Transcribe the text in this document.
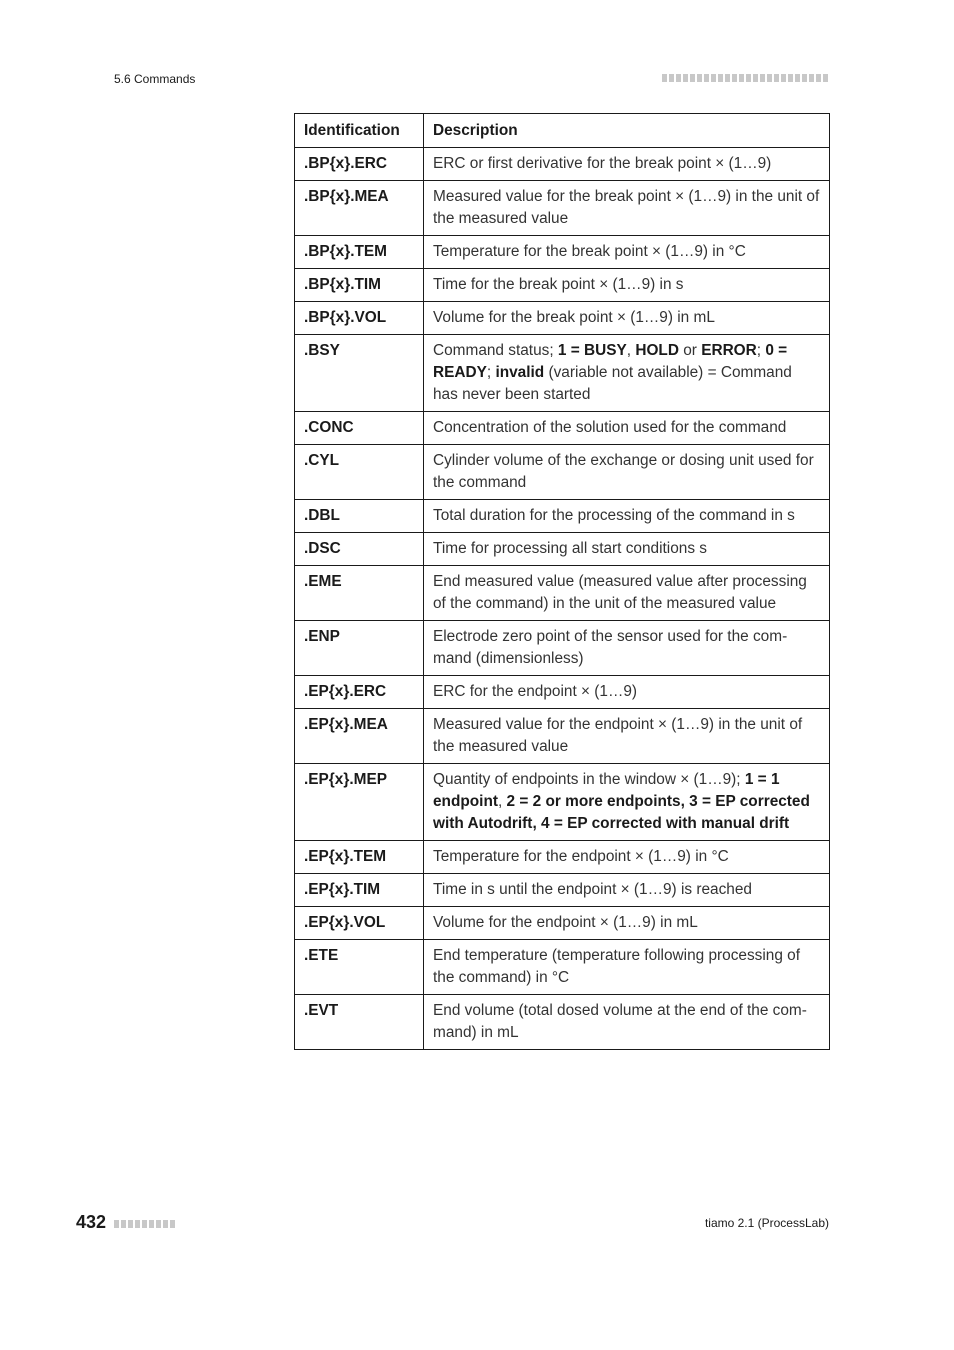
5.6 Commands
Identification	Description
.BP{x}.ERC	ERC or first derivative for the break point × (1…9)
.BP{x}.MEA	Measured value for the break point × (1…9) in the unit of the measured value
.BP{x}.TEM	Temperature for the break point × (1…9) in °C
.BP{x}.TIM	Time for the break point × (1…9) in s
.BP{x}.VOL	Volume for the break point × (1…9) in mL
.BSY	Command status; 1 = BUSY, HOLD or ERROR; 0 = READY; invalid (variable not available) = Command has never been started
.CONC	Concentration of the solution used for the command
.CYL	Cylinder volume of the exchange or dosing unit used for the command
.DBL	Total duration for the processing of the command in s
.DSC	Time for processing all start conditions s
.EME	End measured value (measured value after processing of the command) in the unit of the measured value
.ENP	Electrode zero point of the sensor used for the command (dimensionless)
.EP{x}.ERC	ERC for the endpoint × (1…9)
.EP{x}.MEA	Measured value for the endpoint × (1…9) in the unit of the measured value
.EP{x}.MEP	Quantity of endpoints in the window × (1…9); 1 = 1 endpoint, 2 = 2 or more endpoints, 3 = EP corrected with Autodrift, 4 = EP corrected with manual drift
.EP{x}.TEM	Temperature for the endpoint × (1…9) in °C
.EP{x}.TIM	Time in s until the endpoint × (1…9) is reached
.EP{x}.VOL	Volume for the endpoint × (1…9) in mL
.ETE	End temperature (temperature following processing of the command) in °C
.EVT	End volume (total dosed volume at the end of the command) in mL
432	tiamo 2.1 (ProcessLab)
